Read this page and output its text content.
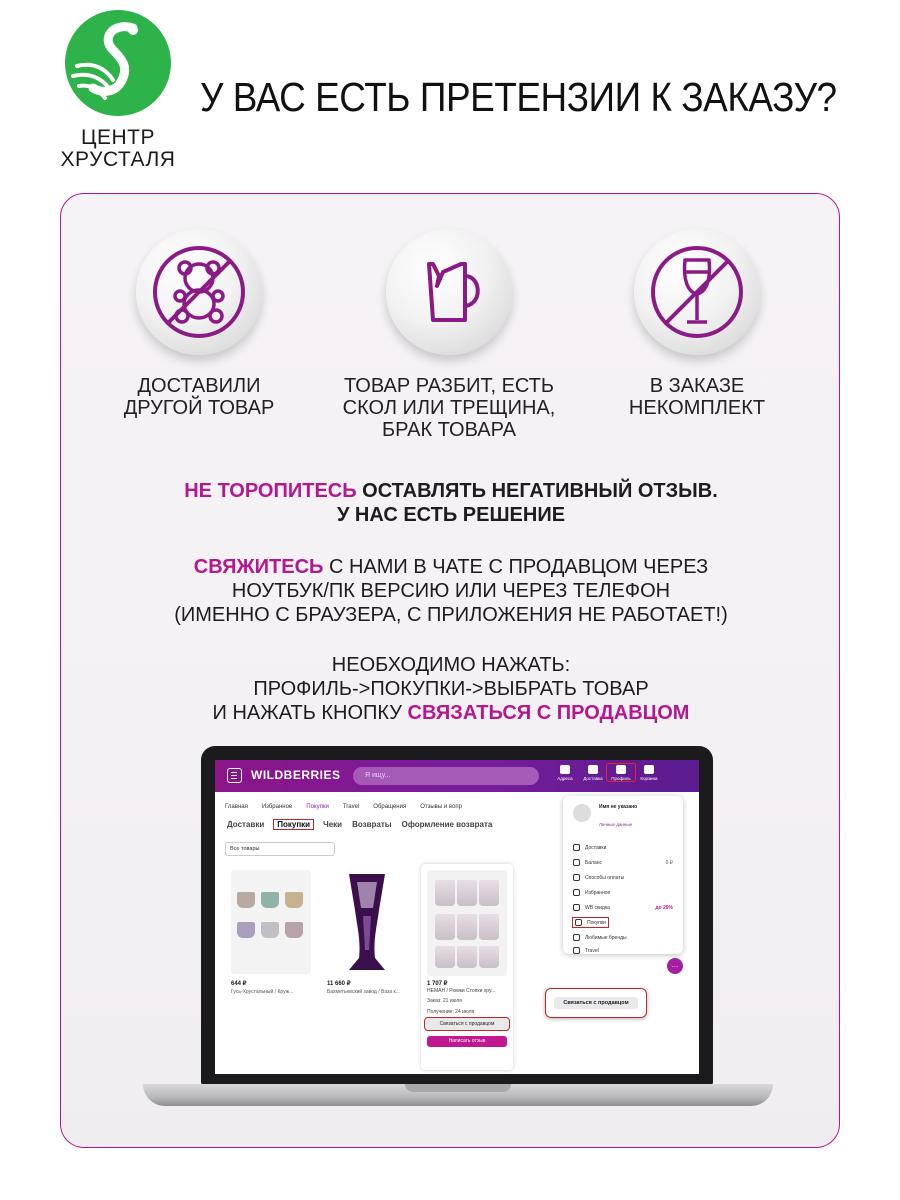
ЦЕНТР
ХРУСТАЛЯ
У ВАС ЕСТЬ ПРЕТЕНЗИИ К ЗАКАЗУ?
ДОСТАВИЛИ
ДРУГОЙ ТОВАР
ТОВАР РАЗБИТ, ЕСТЬ
СКОЛ ИЛИ ТРЕЩИНА,
БРАК ТОВАРА
В ЗАКАЗЕ
НЕКОМПЛЕКТ
НЕ ТОРОПИТЕСЬ ОСТАВЛЯТЬ НЕГАТИВНЫЙ ОТЗЫВ.
У НАС ЕСТЬ РЕШЕНИЕ
СВЯЖИТЕСЬ С НАМИ В ЧАТЕ С ПРОДАВЦОМ ЧЕРЕЗ
НОУТБУК/ПК ВЕРСИЮ ИЛИ ЧЕРЕЗ ТЕЛЕФОН
(ИМЕННО С БРАУЗЕРА, С ПРИЛОЖЕНИЯ НЕ РАБОТАЕТ!)
НЕОБХОДИМО НАЖАТЬ:
ПРОФИЛЬ->ПОКУПКИ->ВЫБРАТЬ ТОВАР
И НАЖАТЬ КНОПКУ СВЯЗАТЬСЯ С ПРОДАВЦОМ
WILDBERRIES	Я ищу...	Адреса	Доставка	Профиль	Корзина
Главная Избранное Покупки Travel Обращения Отзывы и вопр
Доставки	Покупки	Чеки Возвраты Оформление возврата
Все товары
644 ₽
Гусь-Хрустальный / Круж...
11 660 ₽
Бахметьевский завод / Ваза к...
1 707 ₽
НЕМАН / Рюмки Стопки хру...
Заказ: 21 июля
Получение: 24 июля
Связаться с продавцом
Написать отзыв
Имя не указано
Личные данные
Доставки
Баланс	0 ₽
Способы оплаты
Избранное
WB скидка	до 29%
Покупки
Любимые бренды
Travel
…
Связаться с продавцом
